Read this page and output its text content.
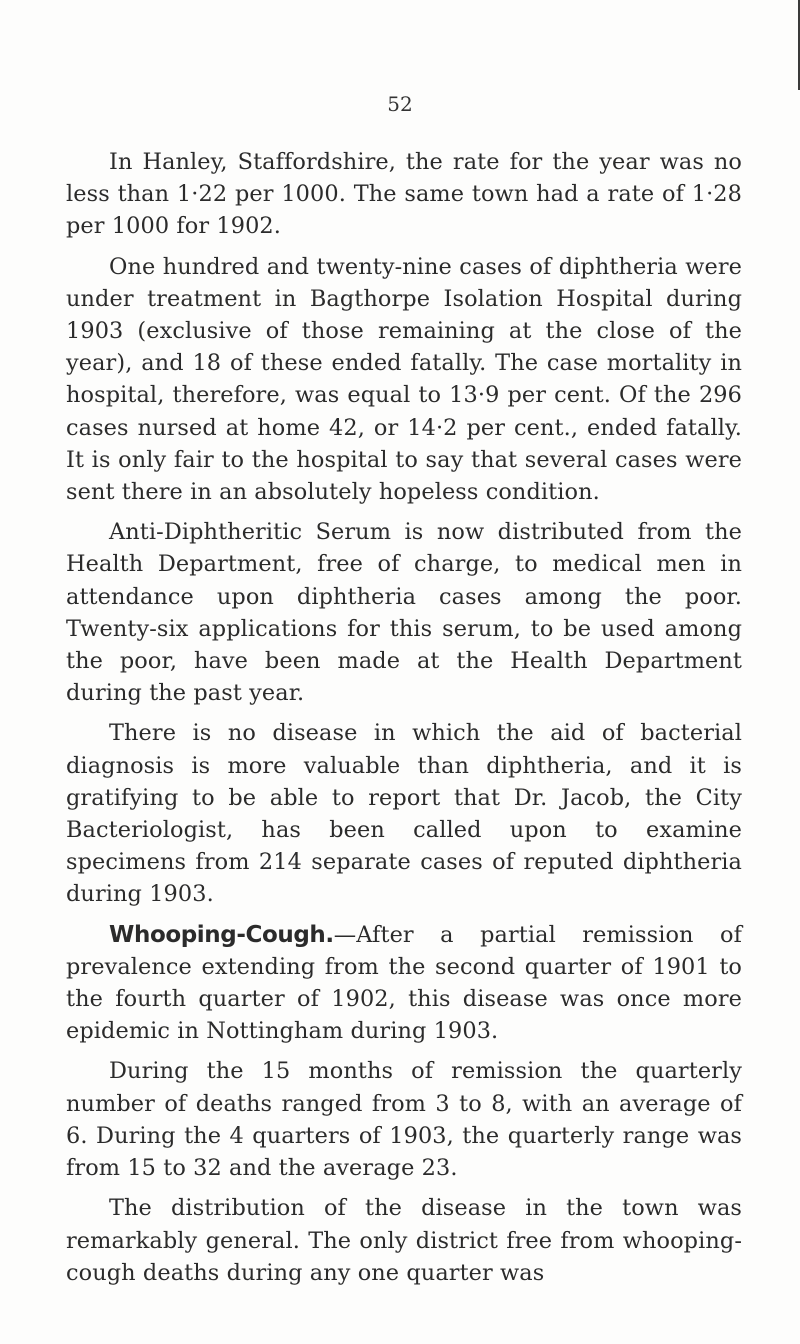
52

In Hanley, Staffordshire, the rate for the year was no less than 1·22 per 1000. The same town had a rate of 1·28 per 1000 for 1902.

One hundred and twenty-nine cases of diphtheria were under treatment in Bagthorpe Isolation Hospital during 1903 (exclusive of those remaining at the close of the year), and 18 of these ended fatally. The case mortality in hospital, therefore, was equal to 13·9 per cent. Of the 296 cases nursed at home 42, or 14·2 per cent., ended fatally. It is only fair to the hospital to say that several cases were sent there in an absolutely hopeless condition.

Anti-Diphtheritic Serum is now distributed from the Health Department, free of charge, to medical men in attendance upon diphtheria cases among the poor. Twenty-six applications for this serum, to be used among the poor, have been made at the Health Department during the past year.

There is no disease in which the aid of bacterial diagnosis is more valuable than diphtheria, and it is gratifying to be able to report that Dr. Jacob, the City Bacteriologist, has been called upon to examine specimens from 214 separate cases of reputed diphtheria during 1903.

Whooping-Cough.—After a partial remission of prevalence extending from the second quarter of 1901 to the fourth quarter of 1902, this disease was once more epidemic in Nottingham during 1903.

During the 15 months of remission the quarterly number of deaths ranged from 3 to 8, with an average of 6. During the 4 quarters of 1903, the quarterly range was from 15 to 32 and the average 23.

The distribution of the disease in the town was remarkably general. The only district free from whooping-cough deaths during any one quarter was
